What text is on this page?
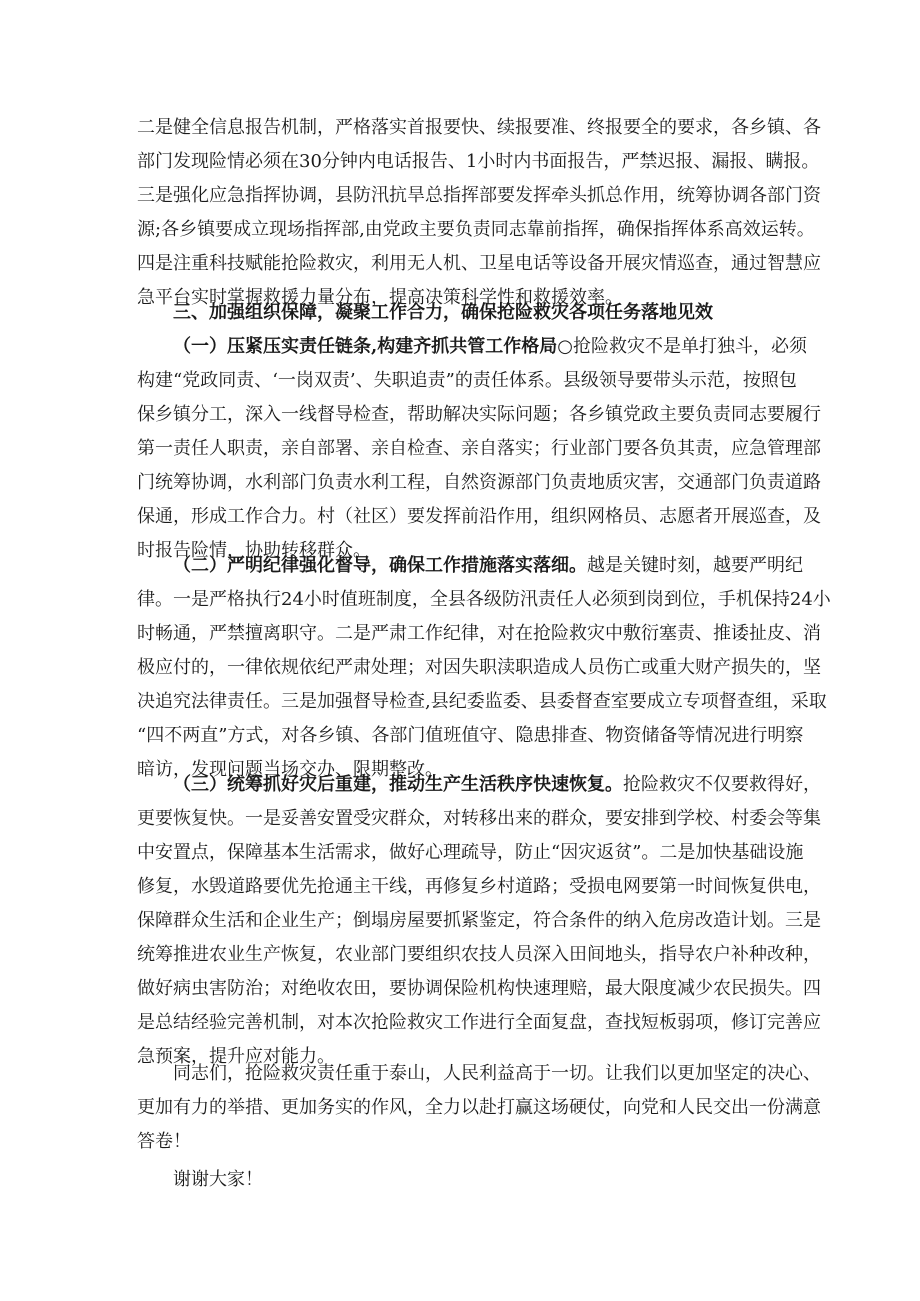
二是健全信息报告机制，严格落实首报要快、续报要准、终报要全的要求，各乡镇、各
部门发现险情必须在30分钟内电话报告、1小时内书面报告，严禁迟报、漏报、瞒报。
三是强化应急指挥协调，县防汛抗旱总指挥部要发挥牵头抓总作用，统筹协调各部门资
源;各乡镇要成立现场指挥部,由党政主要负责同志靠前指挥，确保指挥体系高效运转。
四是注重科技赋能抢险救灾，利用无人机、卫星电话等设备开展灾情巡查，通过智慧应
急平台实时掌握救援力量分布，提高决策科学性和救援效率。
三、加强组织保障，凝聚工作合力，确保抢险救灾各项任务落地见效
（一）压紧压实责任链条,构建齐抓共管工作格局○抢险救灾不是单打独斗，必须
构建“党政同责、‘一岗双责’、失职追责”的责任体系。县级领导要带头示范，按照包
保乡镇分工，深入一线督导检查，帮助解决实际问题；各乡镇党政主要负责同志要履行
第一责任人职责，亲自部署、亲自检查、亲自落实；行业部门要各负其责，应急管理部
门统筹协调，水利部门负责水利工程，自然资源部门负责地质灾害，交通部门负责道路
保通，形成工作合力。村（社区）要发挥前沿作用，组织网格员、志愿者开展巡查，及
时报告险情，协助转移群众。
（二）严明纪律强化督导，确保工作措施落实落细。越是关键时刻，越要严明纪
律。一是严格执行24小时值班制度，全县各级防汛责任人必须到岗到位，手机保持24小
时畅通，严禁擅离职守。二是严肃工作纪律，对在抢险救灾中敷衍塞责、推诿扯皮、消
极应付的，一律依规依纪严肃处理；对因失职渎职造成人员伤亡或重大财产损失的，坚
决追究法律责任。三是加强督导检查,县纪委监委、县委督查室要成立专项督查组，采取
“四不两直”方式，对各乡镇、各部门值班值守、隐患排查、物资储备等情况进行明察
暗访，发现问题当场交办、限期整改。
（三）统筹抓好灾后重建，推动生产生活秩序快速恢复。抢险救灾不仅要救得好，
更要恢复快。一是妥善安置受灾群众，对转移出来的群众，要安排到学校、村委会等集
中安置点，保障基本生活需求，做好心理疏导，防止“因灾返贫”。二是加快基础设施
修复，水毁道路要优先抢通主干线，再修复乡村道路；受损电网要第一时间恢复供电，
保障群众生活和企业生产；倒塌房屋要抓紧鉴定，符合条件的纳入危房改造计划。三是
统筹推进农业生产恢复，农业部门要组织农技人员深入田间地头，指导农户补种改种，
做好病虫害防治；对绝收农田，要协调保险机构快速理赔，最大限度减少农民损失。四
是总结经验完善机制，对本次抢险救灾工作进行全面复盘，查找短板弱项，修订完善应
急预案，提升应对能力。
同志们，抢险救灾责任重于泰山，人民利益高于一切。让我们以更加坚定的决心、
更加有力的举措、更加务实的作风，全力以赴打赢这场硬仗，向党和人民交出一份满意
答卷！
谢谢大家！
